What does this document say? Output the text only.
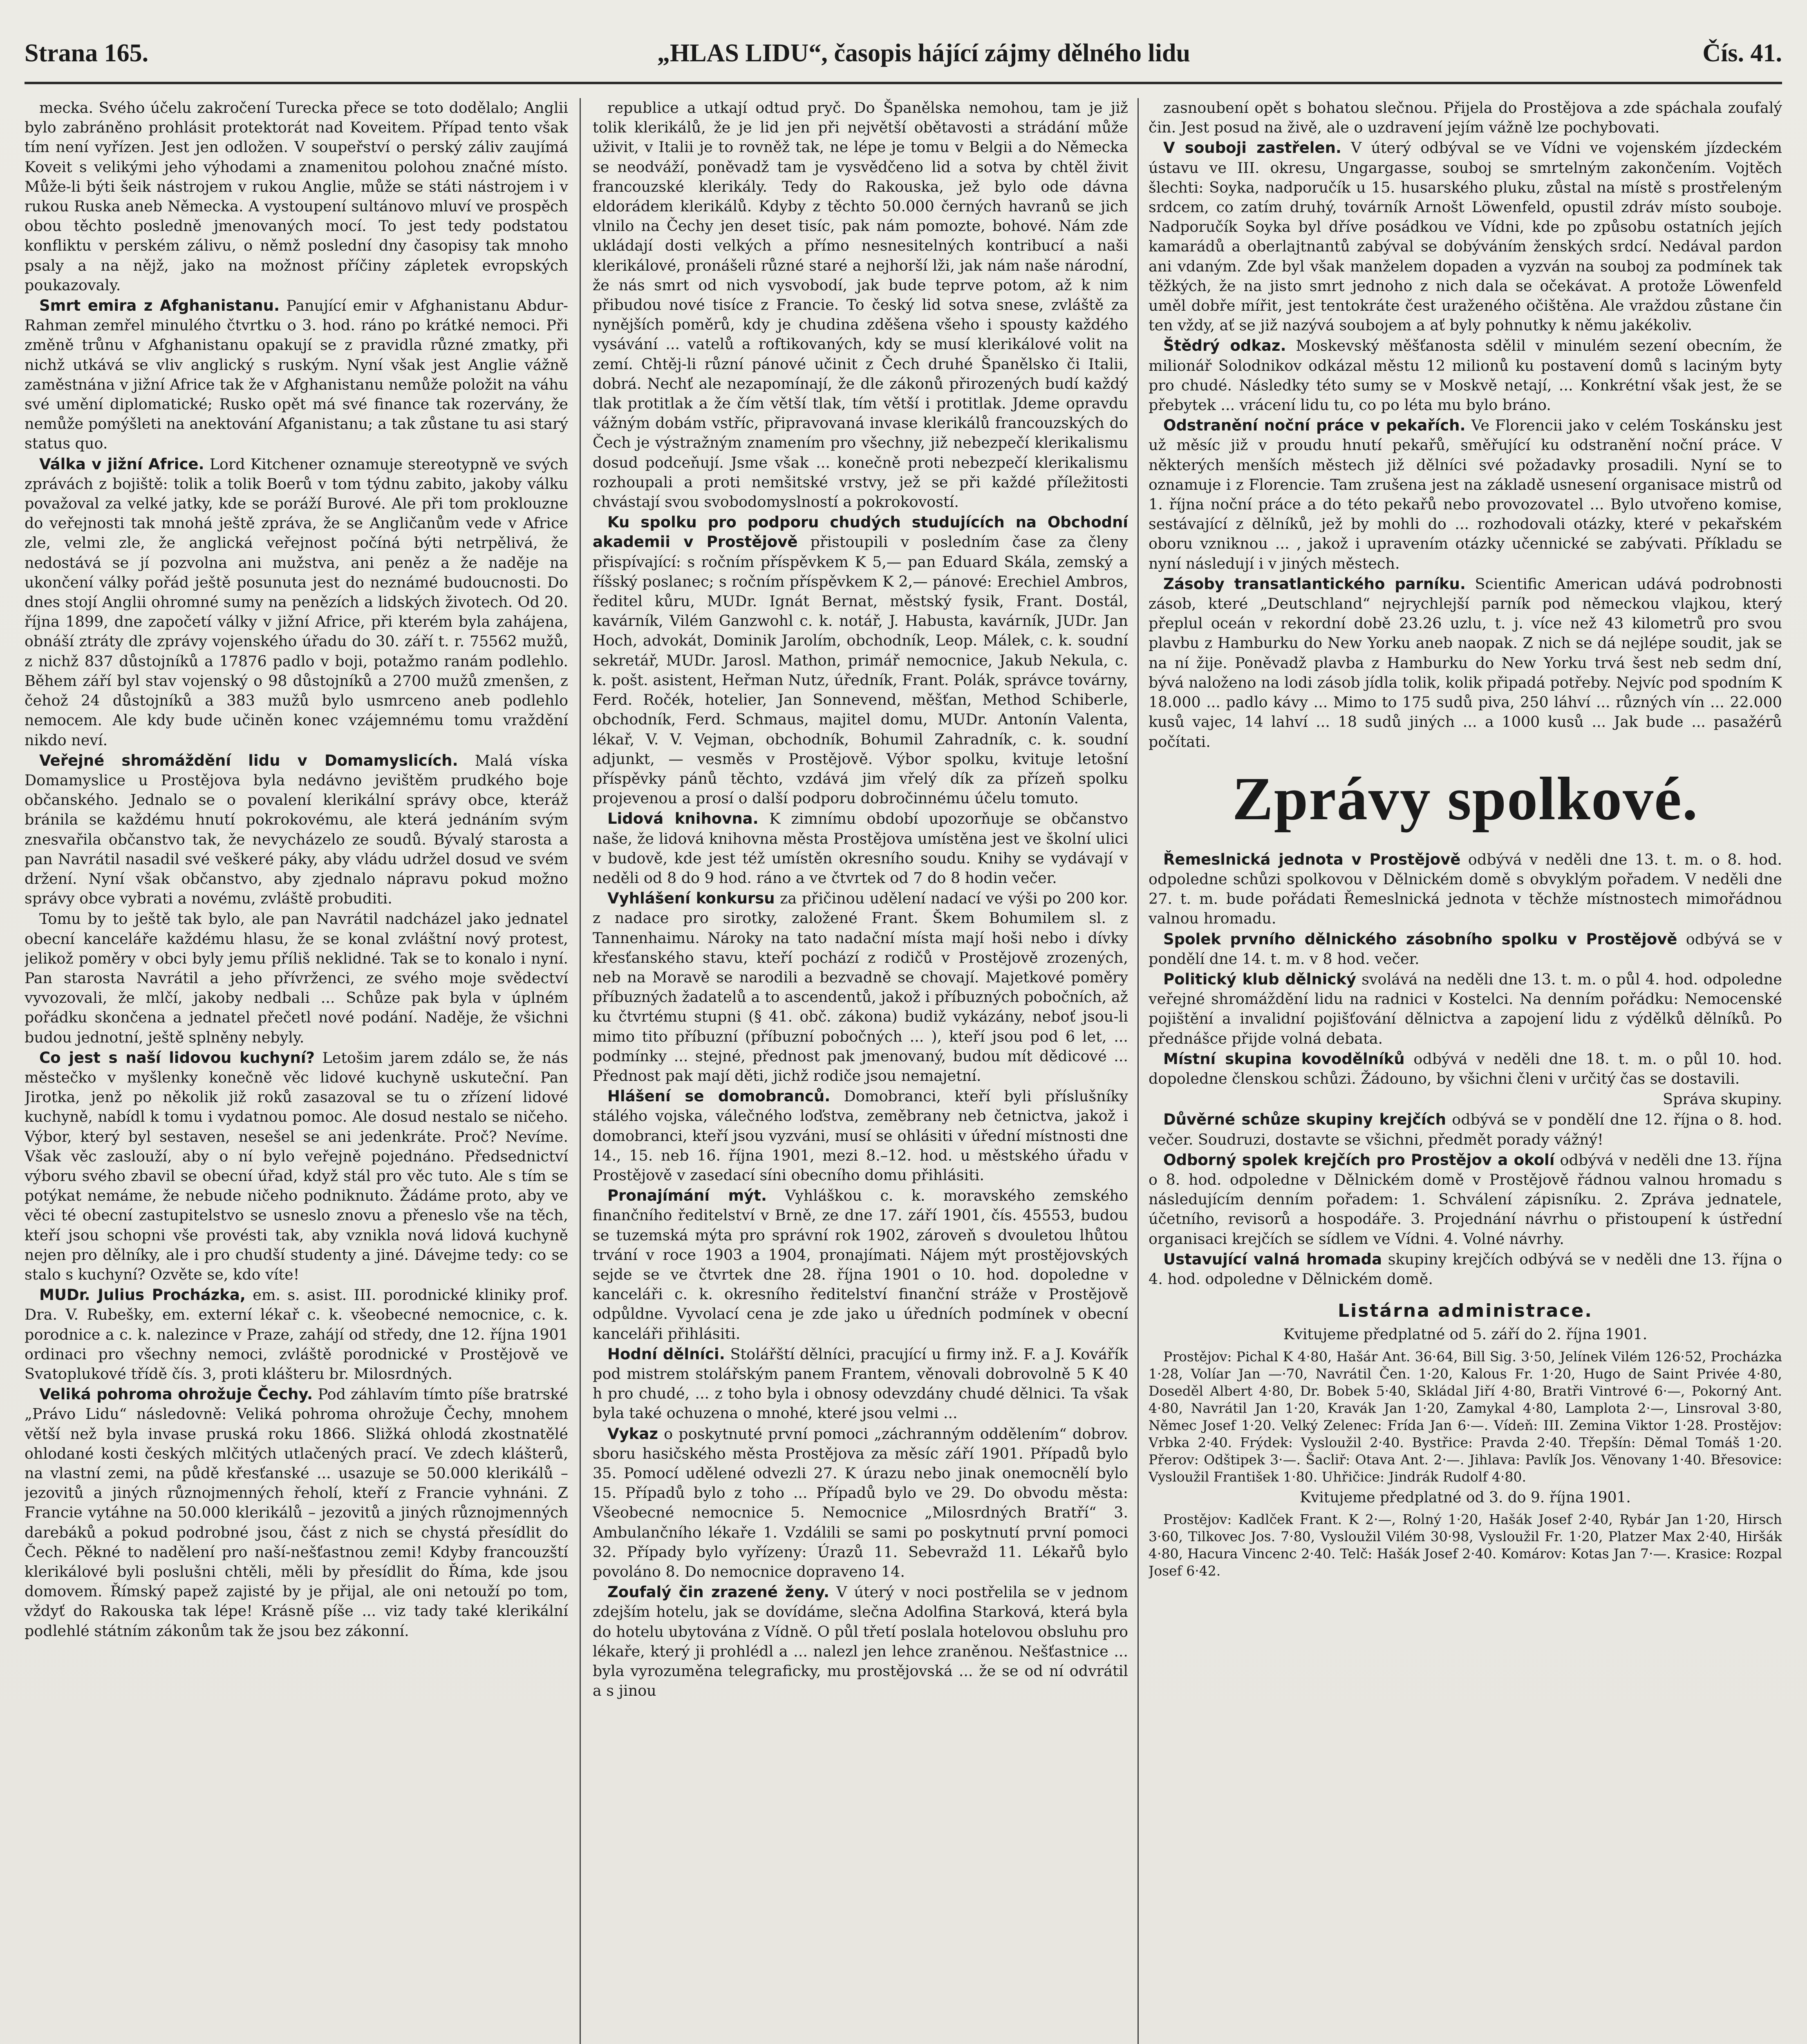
Strana 165.	„HLAS LIDU“, časopis hájící zájmy dělného lidu	Čís. 41.

mecka. Svého účelu zakročení Turecka přece se toto dodělalo; Anglii bylo zabráněno prohlásit protektorát nad Koveitem. Případ tento však tím není vyřízen. Jest jen odložen. V soupeřství o perský záliv zaujímá Koveit s velikými jeho výhodami a znamenitou polohou značné místo. Může-li býti šeik nástrojem v rukou Anglie, může se státi nástrojem i v rukou Ruska aneb Německa. A vystoupení sultánovo mluví ve prospěch obou těchto posledně jmenovaných mocí. To jest tedy podstatou konfliktu v perském zálivu, o němž poslední dny časopisy tak mnoho psaly a na nějž, jako na možnost příčiny zápletek evropských poukazovaly.

Smrt emira z Afghanistanu. Panující emir v Afghanistanu Abdur-Rahman zemřel minulého čtvrtku o 3. hod. ráno po krátké nemoci. Při změně trůnu v Afghanistanu opakují se z pravidla různé zmatky, při nichž utkává se vliv anglický s ruským. Nyní však jest Anglie vážně zaměstnána v jižní Africe tak že v Afghanistanu nemůže položit na váhu své umění diplomatické; Rusko opět má své finance tak rozervány, že nemůže pomýšleti na anektování Afganistanu; a tak zůstane tu asi starý status quo.

Válka v jižní Africe. Lord Kitchener oznamuje stereotypně ve svých zprávách z bojiště: tolik a tolik Boerů v tom týdnu zabito, jakoby válku považoval za velké jatky, kde se poráží Burové. Ale při tom proklouzne do veřejnosti tak mnohá ještě zpráva, že se Angličanům vede v Africe zle, velmi zle, že anglická veřejnost počíná býti netrpělivá, že nedostává se jí pozvolna ani mužstva, ani peněz a že naděje na ukončení války pořád ještě posunuta jest do neznámé budoucnosti. Do dnes stojí Anglii ohromné sumy na penězích a lidských životech. Od 20. října 1899, dne započetí války v jižní Africe, při kterém byla zahájena, obnáší ztráty dle zprávy vojenského úřadu do 30. září t. r. 75562 mužů, z nichž 837 důstojníků a 17876 padlo v boji, potažmo ranám podlehlo. Během září byl stav vojenský o 98 důstojníků a 2700 mužů zmenšen, z čehož 24 důstojníků a 383 mužů bylo usmrceno aneb podlehlo nemocem. Ale kdy bude učiněn konec vzájemnému tomu vraždění nikdo neví.

Veřejné shromáždění lidu v Domamyslicích. Malá víska Domamyslice u Prostějova byla nedávno jevištěm prudkého boje občanského. Jednalo se o povalení klerikální správy obce, kteráž bránila se každému hnutí pokrokovému, ale která jednáním svým znesvařila občanstvo tak, že nevycházelo ze soudů. Bývalý starosta a pan Navrátil nasadil své veškeré páky, aby vládu udržel dosud ve svém držení. Nyní však občanstvo, aby zjednalo nápravu pokud možno správy obce vybrati a novému, zvláště probuditi.

Tomu by to ještě tak bylo, ale pan Navrátil nadcházel jako jednatel obecní kanceláře každému hlasu, že se konal zvláštní nový protest, jelikož poměry v obci byly jemu příliš neklidné. Tak se to konalo i nyní. Pan starosta Navrátil a jeho přívrženci, ze svého moje svědectví vyvozovali, že mlčí, jakoby nedbali ... Schůze pak byla v úplném pořádku skončena a jednatel přečetl nové podání. Naděje, že všichni budou jednotní, ještě splněny nebyly.

Co jest s naší lidovou kuchyní? Letošim jarem zdálo se, že nás městečko v myšlenky konečně věc lidové kuchyně uskuteční. Pan Jirotka, jenž po několik již roků zasazoval se tu o zřízení lidové kuchyně, nabídl k tomu i vydatnou pomoc. Ale dosud nestalo se ničeho. Výbor, který byl sestaven, nesešel se ani jedenkráte. Proč? Nevíme. Však věc zaslouží, aby o ní bylo veřejně pojednáno. Předsednictví výboru svého zbavil se obecní úřad, když stál pro věc tuto. Ale s tím se potýkat nemáme, že nebude ničeho podniknuto. Žádáme proto, aby ve věci té obecní zastupitelstvo se usneslo znovu a přeneslo vše na těch, kteří jsou schopni vše provésti tak, aby vznikla nová lidová kuchyně nejen pro dělníky, ale i pro chudší studenty a jiné. Dávejme tedy: co se stalo s kuchyní? Ozvěte se, kdo víte!

MUDr. Julius Procházka, em. s. asist. III. porodnické kliniky prof. Dra. V. Rubešky, em. externí lékař c. k. všeobecné nemocnice, c. k. porodnice a c. k. nalezince v Praze, zahájí od středy, dne 12. října 1901 ordinaci pro všechny nemoci, zvláště porodnické v Prostějově ve Svatoplukové třídě čís. 3, proti klášteru br. Milosrdných.

Veliká pohroma ohrožuje Čechy. Pod záhlavím tímto píše bratrské „Právo Lidu“ následovně: Veliká pohroma ohrožuje Čechy, mnohem větší než byla invase pruská roku 1866. Sližká ohlodá zkostnatělé ohlodané kosti českých mlčitých utlačených prací. Ve zdech klášterů, na vlastní zemi, na půdě křesťanské ... usazuje se 50.000 klerikálů – jezovitů a jiných různojmenných řeholí, kteří z Francie vyhnáni. Z Francie vytáhne na 50.000 klerikálů – jezovitů a jiných různojmenných darebáků a pokud podrobné jsou, část z nich se chystá přesídlit do Čech. Pěkné to nadělení pro naší-nešťastnou zemi! Kdyby francouzští klerikálové byli poslušni chtěli, měli by přesídlit do Říma, kde jsou domovem. Římský papež zajisté by je přijal, ale oni netouží po tom, vždyť do Rakouska tak lépe! Krásně píše ... viz tady také klerikální podlehlé státním zákonům tak že jsou bez zákonní.

republice a utkají odtud pryč. Do Španělska nemohou, tam je již tolik klerikálů, že je lid jen při největší obětavosti a strádání může uživit, v Italii je to rovněž tak, ne lépe je tomu v Belgii a do Německa se neodváží, poněvadž tam je vysvědčeno lid a sotva by chtěl živit francouzské klerikály. Tedy do Rakouska, jež bylo ode dávna eldorádem klerikálů. Kdyby z těchto 50.000 černých havranů se jich vlnilo na Čechy jen deset tisíc, pak nám pomozte, bohové. Nám zde ukládají dosti velkých a přímo nesnesitelných kontribucí a naši klerikálové, pronášeli různé staré a nejhorší lži, jak nám naše národní, že nás smrt od nich vysvobodí, jak bude teprve potom, až k nim přibudou nové tisíce z Francie. To český lid sotva snese, zvláště za nynějších poměrů, kdy je chudina zděšena všeho i spousty každého vysávání ... vatelů a roftikovaných, kdy se musí klerikálové volit na zemí. Chtěj-li různí pánové učinit z Čech druhé Španělsko či Italii, dobrá. Nechť ale nezapomínají, že dle zákonů přirozených budí každý tlak protitlak a že čím větší tlak, tím větší i protitlak. Jdeme opravdu vážným dobám vstříc, připravovaná invase klerikálů francouzských do Čech je výstražným znamením pro všechny, již nebezpečí klerikalismu dosud podceňují. Jsme však ... konečně proti nebezpečí klerikalismu rozhoupali a proti nemšitské vrstvy, jež se při každé příležitosti chvástají svou svobodomyslností a pokrokovostí.

Ku spolku pro podporu chudých studujících na Obchodní akademii v Prostějově přistoupili v posledním čase za členy přispívající: s ročním příspěvkem K 5,— pan Eduard Skála, zemský a říšský poslanec; s ročním příspěvkem K 2,— pánové: Erechiel Ambros, ředitel kůru, MUDr. Ignát Bernat, městský fysik, Frant. Dostál, kavárník, Vilém Ganzwohl c. k. notář, J. Habusta, kavárník, JUDr. Jan Hoch, advokát, Dominik Jarolím, obchodník, Leop. Málek, c. k. soudní sekretář, MUDr. Jarosl. Mathon, primář nemocnice, Jakub Nekula, c. k. pošt. asistent, Heřman Nutz, úředník, Frant. Polák, správce továrny, Ferd. Ročék, hotelier, Jan Sonnevend, měšťan, Method Schiberle, obchodník, Ferd. Schmaus, majitel domu, MUDr. Antonín Valenta, lékař, V. V. Vejman, obchodník, Bohumil Zahradník, c. k. soudní adjunkt, — vesměs v Prostějově. Výbor spolku, kvituje letošní příspěvky pánů těchto, vzdává jim vřelý dík za přízeň spolku projevenou a prosí o další podporu dobročinnému účelu tomuto.

Lidová knihovna. K zimnímu období upozorňuje se občanstvo naše, že lidová knihovna města Prostějova umístěna jest ve školní ulici v budově, kde jest též umístěn okresního soudu. Knihy se vydávají v neděli od 8 do 9 hod. ráno a ve čtvrtek od 7 do 8 hodin večer.

Vyhlášení konkursu za přičinou udělení nadací ve výši po 200 kor. z nadace pro sirotky, založené Frant. Škem Bohumilem sl. z Tannenhaimu. Nároky na tato nadační místa mají hoši nebo i dívky křesťanského stavu, kteří pochází z rodičů v Prostějově zrozených, neb na Moravě se narodili a bezvadně se chovají. Majetkové poměry příbuzných žadatelů a to ascendentů, jakož i příbuzných pobočních, až ku čtvrtému stupni (§ 41. obč. zákona) budiž vykázány, neboť jsou-li mimo tito příbuzní (příbuzní pobočných ... ), kteří jsou pod 6 let, ... podmínky ... stejné, přednost pak jmenovaný, budou mít dědicové ... Přednost pak mají děti, jichž rodiče jsou nemajetní.

Hlášení se domobranců. Domobranci, kteří byli příslušníky stálého vojska, válečného loďstva, zeměbrany neb četnictva, jakož i domobranci, kteří jsou vyzváni, musí se ohlásiti v úřední místnosti dne 14., 15. neb 16. října 1901, mezi 8.–12. hod. u městského úřadu v Prostějově v zasedací síni obecního domu přihlásiti.

Pronajímání mýt. Vyhláškou c. k. moravského zemského finančního ředitelství v Brně, ze dne 17. září 1901, čís. 45553, budou se tuzemská mýta pro správní rok 1902, zároveň s dvouletou lhůtou trvání v roce 1903 a 1904, pronajímati. Nájem mýt prostějovských sejde se ve čtvrtek dne 28. října 1901 o 10. hod. dopoledne v kanceláři c. k. okresního ředitelství finanční stráže v Prostějově odpůldne. Vyvolací cena je zde jako u úředních podmínek v obecní kanceláři přihlásiti.

Hodní dělníci. Stolářští dělníci, pracující u firmy inž. F. a J. Kovářík pod mistrem stolářským panem Frantem, věnovali dobrovolně 5 K 40 h pro chudé, ... z toho byla i obnosy odevzdány chudé dělnici. Ta však byla také ochuzena o mnohé, které jsou velmi ...

Vykaz o poskytnuté první pomoci „záchranným oddělením“ dobrov. sboru hasičského města Prostějova za měsíc září 1901. Případů bylo 35. Pomocí udělené odvezli 27. K úrazu nebo jinak onemocnělí bylo 15. Případů bylo z toho ... Případů bylo ve 29. Do obvodu města: Všeobecné nemocnice 5. Nemocnice „Milosrdných Bratří“ 3. Ambulančního lékaře 1. Vzdálili se sami po poskytnutí první pomoci 32. Případy bylo vyřízeny: Úrazů 11. Sebevražd 11. Lékařů bylo povoláno 8. Do nemocnice dopraveno 14.

Zoufalý čin zrazené ženy. V úterý v noci postřelila se v jednom zdejším hotelu, jak se dovídáme, slečna Adolfina Starková, která byla do hotelu ubytována z Vídně. O půl třetí poslala hotelovou obsluhu pro lékaře, který ji prohlédl a ... nalezl jen lehce zraněnou. Nešťastnice ... byla vyrozuměna telegraficky, mu prostějovská ... že se od ní odvrátil a s jinou

zasnoubení opět s bohatou slečnou. Přijela do Prostějova a zde spáchala zoufalý čin. Jest posud na živě, ale o uzdravení jejím vážně lze pochybovati.

V souboji zastřelen. V úterý odbýval se ve Vídni ve vojenském jízdeckém ústavu ve III. okresu, Ungargasse, souboj se smrtelným zakončením. Vojtěch šlechti: Soyka, nadporučík u 15. husarského pluku, zůstal na místě s prostřeleným srdcem, co zatím druhý, továrník Arnošt Löwenfeld, opustil zdráv místo souboje. Nadporučík Soyka byl dříve posádkou ve Vídni, kde po způsobu ostatních jejích kamarádů a oberlajtnantů zabýval se dobýváním ženských srdcí. Nedával pardon ani vdaným. Zde byl však manželem dopaden a vyzván na souboj za podmínek tak těžkých, že na jisto smrt jednoho z nich dala se očekávat. A protože Löwenfeld uměl dobře mířit, jest tentokráte čest uraženého očištěna. Ale vraždou zůstane čin ten vždy, ať se již nazývá soubojem a ať byly pohnutky k němu jakékoliv.

Štědrý odkaz. Moskevský měšťanosta sdělil v minulém sezení obecním, že milionář Solodnikov odkázal městu 12 milionů ku postavení domů s laciným byty pro chudé. Následky této sumy se v Moskvě netají, ... Konkrétní však jest, že se přebytek ... vrácení lidu tu, co po léta mu bylo bráno.

Odstranění noční práce v pekařích. Ve Florencii jako v celém Toskánsku jest už měsíc již v proudu hnutí pekařů, směřující ku odstranění noční práce. V některých menších městech již dělníci své požadavky prosadili. Nyní se to oznamuje i z Florencie. Tam zrušena jest na základě usnesení organisace mistrů od 1. října noční práce a do této pekařů nebo provozovatel ... Bylo utvořeno komise, sestávající z dělníků, jež by mohli do ... rozhodovali otázky, které v pekařském oboru vzniknou ... , jakož i upravením otázky učennické se zabývati. Příkladu se nyní následují i v jiných městech.

Zásoby transatlantického parníku. Scientific American udává podrobnosti zásob, které „Deutschland“ nejrychlejší parník pod německou vlajkou, který přeplul oceán v rekordní době 23.26 uzlu, t. j. více než 43 kilometrů pro svou plavbu z Hamburku do New Yorku aneb naopak. Z nich se dá nejlépe soudit, jak se na ní žije. Poněvadž plavba z Hamburku do New Yorku trvá šest neb sedm dní, bývá naloženo na lodi zásob jídla tolik, kolik připadá potřeby. Nejvíc pod spodním K 18.000 ... padlo kávy ... Mimo to 175 sudů piva, 250 láhví ... různých vín ... 22.000 kusů vajec, 14 lahví ... 18 sudů jiných ... a 1000 kusů ... Jak bude ... pasažérů počítati.

Zprávy spolkové.

Řemeslnická jednota v Prostějově odbývá v neděli dne 13. t. m. o 8. hod. odpoledne schůzi spolkovou v Dělnickém domě s obvyklým pořadem. V neděli dne 27. t. m. bude pořádati Řemeslnická jednota v těchže místnostech mimořádnou valnou hromadu.

Spolek prvního dělnického zásobního spolku v Prostějově odbývá se v pondělí dne 14. t. m. v 8 hod. večer.

Politický klub dělnický svolává na neděli dne 13. t. m. o půl 4. hod. odpoledne veřejné shromáždění lidu na radnici v Kostelci. Na denním pořádku: Nemocenské pojištění a invalidní pojišťování dělnictva a zapojení lidu z výdělků dělníků. Po přednášce přijde volná debata.

Místní skupina kovodělníků odbývá v neděli dne 18. t. m. o půl 10. hod. dopoledne členskou schůzi. Žádouno, by všichni členi v určitý čas se dostavili.

Správa skupiny.

Důvěrné schůze skupiny krejčích odbývá se v pondělí dne 12. října o 8. hod. večer. Soudruzi, dostavte se všichni, předmět porady vážný!

Odborný spolek krejčích pro Prostějov a okolí odbývá v neděli dne 13. října o 8. hod. odpoledne v Dělnickém domě v Prostějově řádnou valnou hromadu s následujícím denním pořadem: 1. Schválení zápisníku. 2. Zpráva jednatele, účetního, revisorů a hospodáře. 3. Projednání návrhu o přistoupení k ústřední organisaci krejčích se sídlem ve Vídni. 4. Volné návrhy.

Ustavující valná hromada skupiny krejčích odbývá se v neděli dne 13. října o 4. hod. odpoledne v Dělnickém domě.

Listárna administrace.
Kvitujeme předplatné od 5. září do 2. října 1901.

Prostějov: Pichal K 4·80, Hašár Ant. 36·64, Bill Sig. 3·50, Jelínek Vilém 126·52, Procházka 1·28, Volíar Jan —·70, Navrátil Čen. 1·20, Kalous Fr. 1·20, Hugo de Saint Privée 4·80, Doseděl Albert 4·80, Dr. Bobek 5·40, Skládal Jiří 4·80, Bratři Vintrové 6·—, Pokorný Ant. 4·80, Navrátil Jan 1·20, Kravák Jan 1·20, Zamykal 4·80, Lamplota 2·—, Linsroval 3·80, Němec Josef 1·20. Velký Zelenec: Frída Jan 6·—. Vídeň: III. Zemina Viktor 1·28. Prostějov: Vrbka 2·40. Frýdek: Vysloužil 2·40. Bystřice: Pravda 2·40. Třepšín: Děmal Tomáš 1·20. Přerov: Odštipek 3·—. Šacliř: Otava Ant. 2·—. Jihlava: Pavlík Jos. Věnovany 1·40. Břesovice: Vysloužil František 1·80. Uhřičice: Jindrák Rudolf 4·80.

Kvitujeme předplatné od 3. do 9. října 1901.

Prostějov: Kadlček Frant. K 2·—, Rolný 1·20, Hašák Josef 2·40, Rybár Jan 1·20, Hirsch 3·60, Tilkovec Jos. 7·80, Vysloužil Vilém 30·98, Vysloužil Fr. 1·20, Platzer Max 2·40, Hiršák 4·80, Hacura Vincenc 2·40. Telč: Hašák Josef 2·40. Komárov: Kotas Jan 7·—. Krasice: Rozpal Josef 6·42.
